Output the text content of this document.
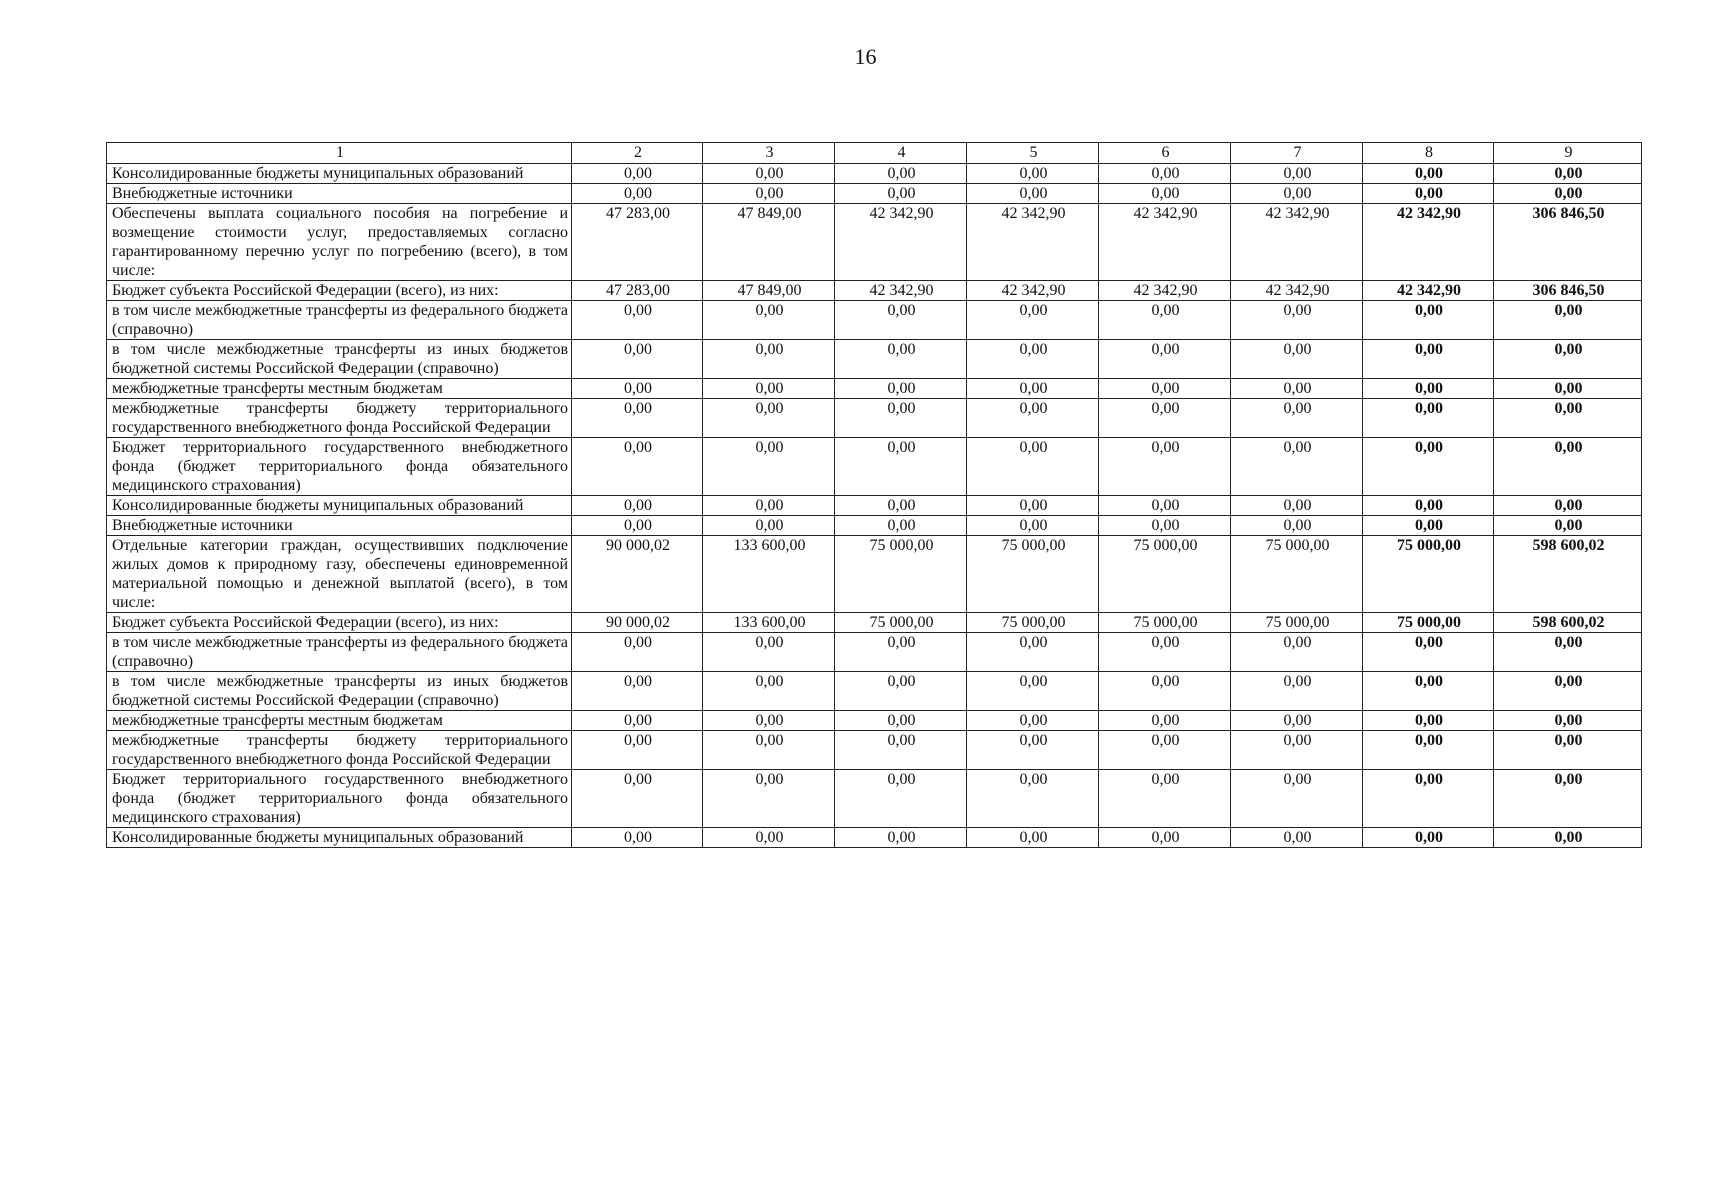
16
1	2	3	4	5	6	7	8	9
Консолидированные бюджеты муниципальных образований	0,00	0,00	0,00	0,00	0,00	0,00	0,00	0,00
Внебюджетные источники	0,00	0,00	0,00	0,00	0,00	0,00	0,00	0,00
Обеспечены выплата социального пособия на погребение и возмещение стоимости услуг, предоставляемых согласно гарантированному перечню услуг по погребению (всего), в том числе:	47 283,00	47 849,00	42 342,90	42 342,90	42 342,90	42 342,90	42 342,90	306 846,50
Бюджет субъекта Российской Федерации (всего), из них:	47 283,00	47 849,00	42 342,90	42 342,90	42 342,90	42 342,90	42 342,90	306 846,50
в том числе межбюджетные трансферты из федерального бюджета (справочно)	0,00	0,00	0,00	0,00	0,00	0,00	0,00	0,00
в том числе межбюджетные трансферты из иных бюджетов бюджетной системы Российской Федерации (справочно)	0,00	0,00	0,00	0,00	0,00	0,00	0,00	0,00
межбюджетные трансферты местным бюджетам	0,00	0,00	0,00	0,00	0,00	0,00	0,00	0,00
межбюджетные трансферты бюджету территориального государственного внебюджетного фонда Российской Федерации	0,00	0,00	0,00	0,00	0,00	0,00	0,00	0,00
Бюджет территориального государственного внебюджетного фонда (бюджет территориального фонда обязательного медицинского страхования)	0,00	0,00	0,00	0,00	0,00	0,00	0,00	0,00
Консолидированные бюджеты муниципальных образований	0,00	0,00	0,00	0,00	0,00	0,00	0,00	0,00
Внебюджетные источники	0,00	0,00	0,00	0,00	0,00	0,00	0,00	0,00
Отдельные категории граждан, осуществивших подключение жилых домов к природному газу, обеспечены единовременной материальной помощью и денежной выплатой (всего), в том числе:	90 000,02	133 600,00	75 000,00	75 000,00	75 000,00	75 000,00	75 000,00	598 600,02
Бюджет субъекта Российской Федерации (всего), из них:	90 000,02	133 600,00	75 000,00	75 000,00	75 000,00	75 000,00	75 000,00	598 600,02
в том числе межбюджетные трансферты из федерального бюджета (справочно)	0,00	0,00	0,00	0,00	0,00	0,00	0,00	0,00
в том числе межбюджетные трансферты из иных бюджетов бюджетной системы Российской Федерации (справочно)	0,00	0,00	0,00	0,00	0,00	0,00	0,00	0,00
межбюджетные трансферты местным бюджетам	0,00	0,00	0,00	0,00	0,00	0,00	0,00	0,00
межбюджетные трансферты бюджету территориального государственного внебюджетного фонда Российской Федерации	0,00	0,00	0,00	0,00	0,00	0,00	0,00	0,00
Бюджет территориального государственного внебюджетного фонда (бюджет территориального фонда обязательного медицинского страхования)	0,00	0,00	0,00	0,00	0,00	0,00	0,00	0,00
Консолидированные бюджеты муниципальных образований	0,00	0,00	0,00	0,00	0,00	0,00	0,00	0,00
